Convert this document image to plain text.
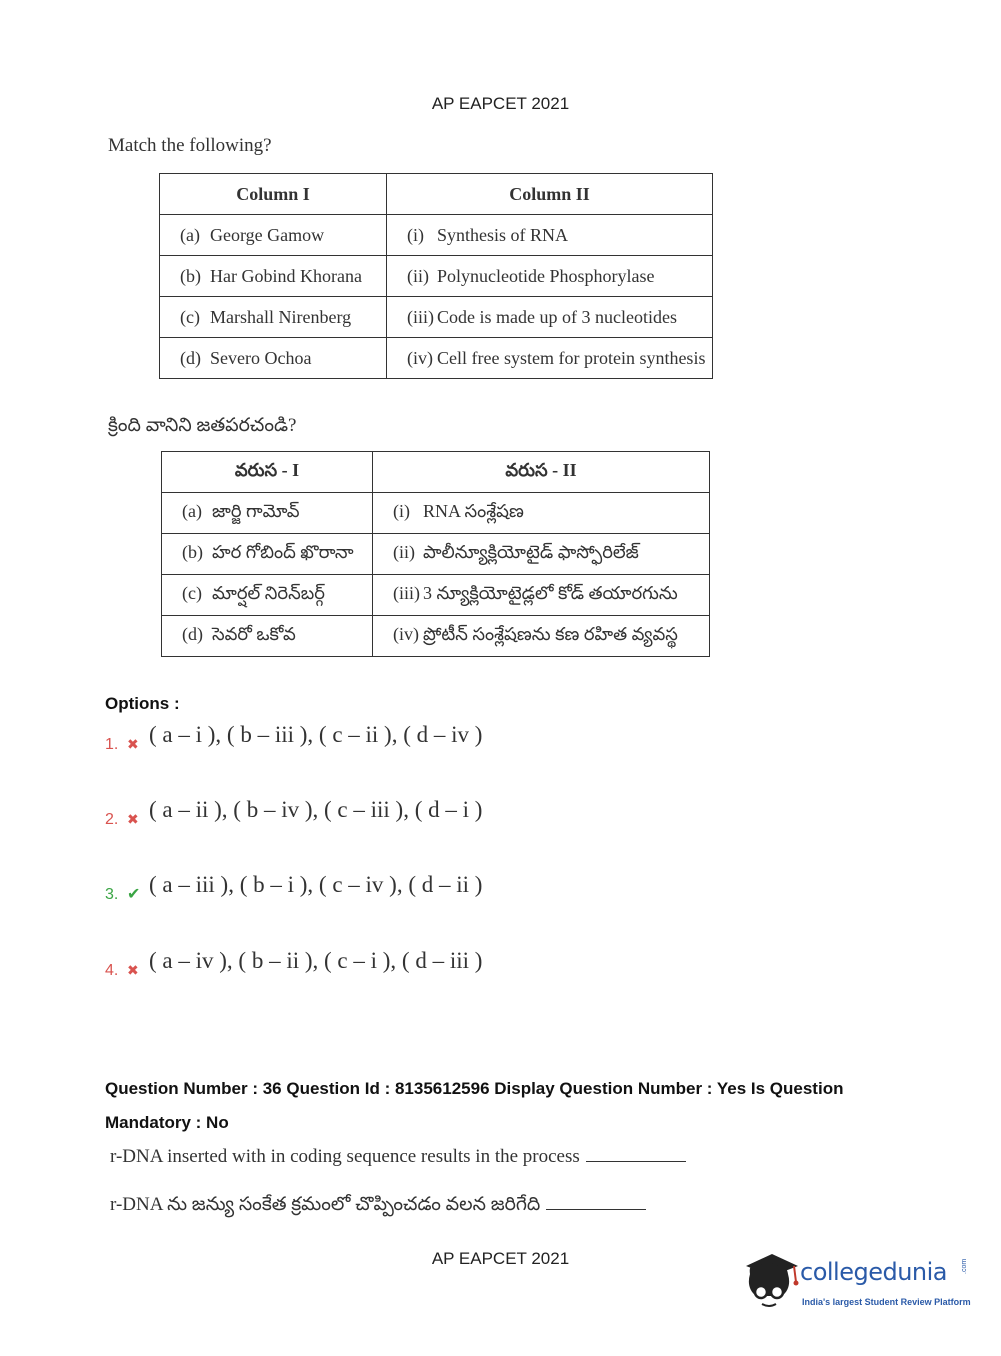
AP EAPCET 2021
Match the following?
Column I	Column II
(a) George Gamow	(i) Synthesis of RNA
(b) Har Gobind Khorana	(ii) Polynucleotide Phosphorylase
(c) Marshall Nirenberg	(iii) Code is made up of 3 nucleotides
(d) Severo Ochoa	(iv) Cell free system for protein synthesis
క్రింది వానిని జతపరచండి?
వరుస - I	వరుస - II
(a) జార్జి గామోవ్	(i) RNA సంశ్లేషణ
(b) హర గోబింద్ ఖొరానా	(ii) పాలీన్యూక్లియోటైడ్ ఫాస్ఫోరిలేజ్
(c) మార్షల్ నిరెన్‌బర్గ్	(iii) 3 న్యూక్లియోటైడ్లలో కోడ్ తయారగును
(d) సెవరో ఒకోవ	(iv) ప్రోటీన్ సంశ్లేషణను కణ రహిత వ్యవస్థ
Options :
1. ✖ ( a – i ), ( b – iii ), ( c – ii ), ( d – iv )
2. ✖ ( a – ii ), ( b – iv ), ( c – iii ), ( d – i )
3. ✔ ( a – iii ), ( b – i ), ( c – iv ), ( d – ii )
4. ✖ ( a – iv ), ( b – ii ), ( c – i ), ( d – iii )
Question Number : 36 Question Id : 8135612596 Display Question Number : Yes Is Question
Mandatory : No
r-DNA inserted with in coding sequence results in the process
r-DNA ను జన్యు సంకేత క్రమంలో చొప్పించడం వలన జరిగేది
AP EAPCET 2021	collegedunia .com
India's largest Student Review Platform
